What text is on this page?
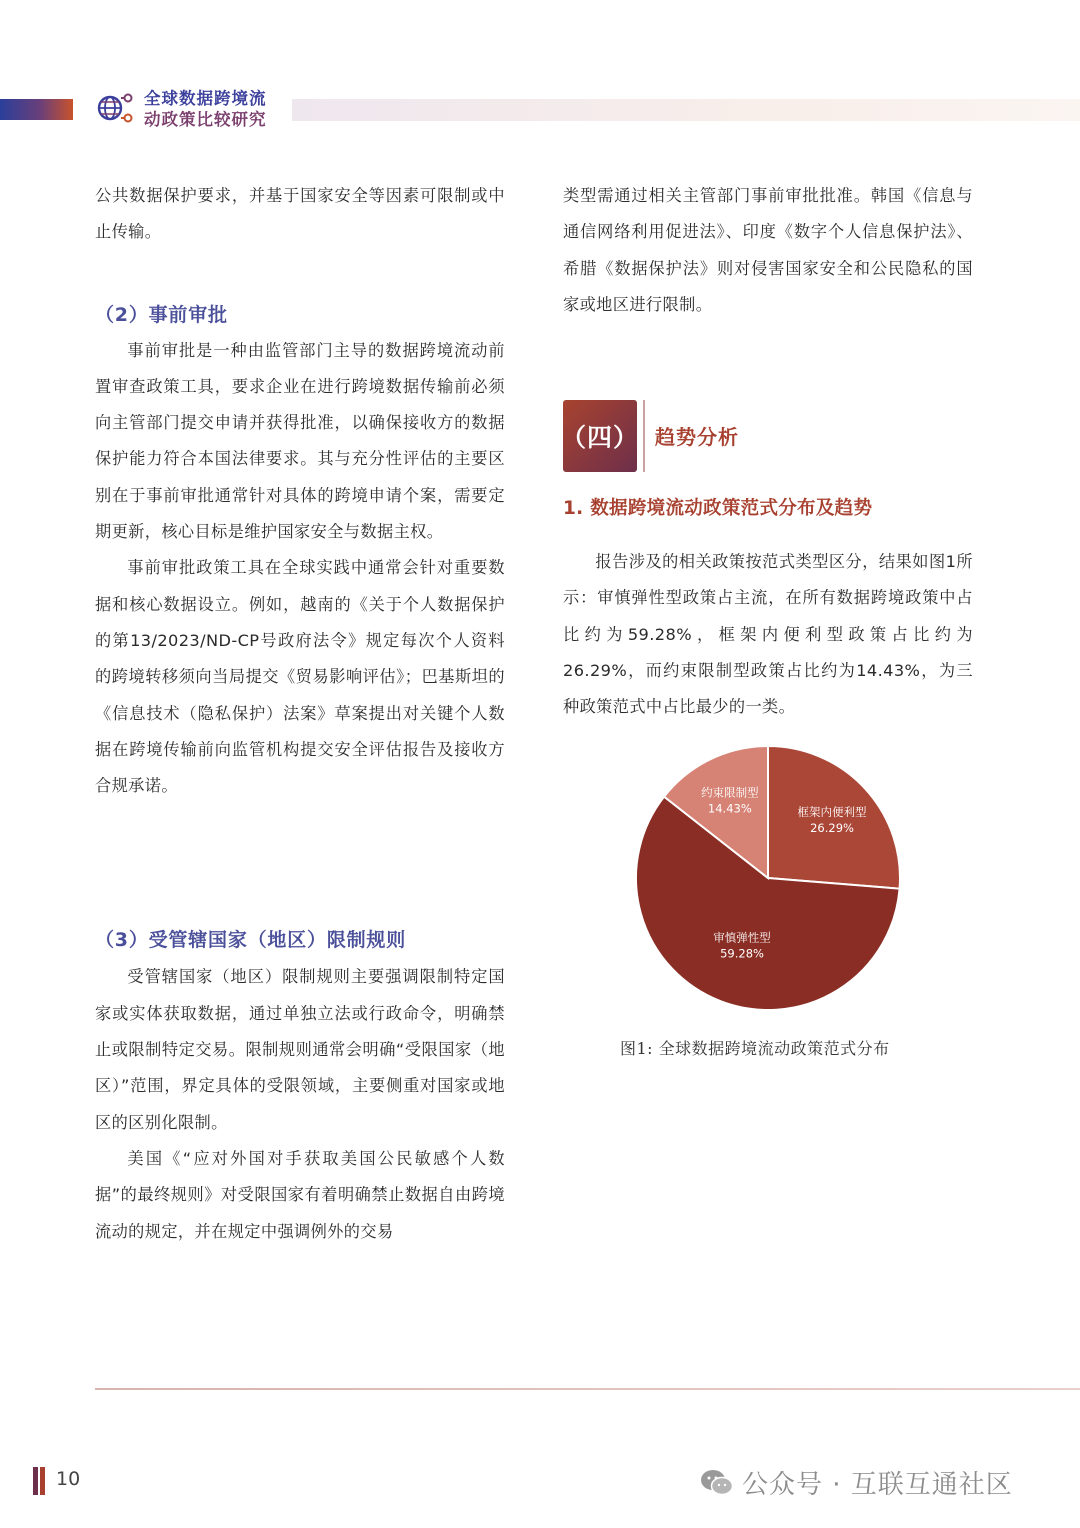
全球数据跨境流
动政策比较研究

公共数据保护要求，并基于国家安全等因素可限制或中止传输。

（2）事前审批

事前审批是一种由监管部门主导的数据跨境流动前置审查政策工具，要求企业在进行跨境数据传输前必须向主管部门提交申请并获得批准，以确保接收方的数据保护能力符合本国法律要求。其与充分性评估的主要区别在于事前审批通常针对具体的跨境申请个案，需要定期更新，核心目标是维护国家安全与数据主权。

事前审批政策工具在全球实践中通常会针对重要数据和核心数据设立。例如，越南的《关于个人数据保护的第13/2023/ND-CP号政府法令》规定每次个人资料的跨境转移须向当局提交《贸易影响评估》；巴基斯坦的《信息技术（隐私保护）法案》草案提出对关键个人数据在跨境传输前向监管机构提交安全评估报告及接收方合规承诺。

（3）受管辖国家（地区）限制规则

受管辖国家（地区）限制规则主要强调限制特定国家或实体获取数据，通过单独立法或行政命令，明确禁止或限制特定交易。限制规则通常会明确“受限国家（地区）”范围，界定具体的受限领域，主要侧重对国家或地区的区别化限制。

美国《“应对外国对手获取美国公民敏感个人数据”的最终规则》对受限国家有着明确禁止数据自由跨境流动的规定，并在规定中强调例外的交易

类型需通过相关主管部门事前审批批准。韩国《信息与通信网络利用促进法》、印度《数字个人信息保护法》、希腊《数据保护法》则对侵害国家安全和公民隐私的国家或地区进行限制。

（四） 趋势分析
1. 数据跨境流动政策范式分布及趋势

报告涉及的相关政策按范式类型区分，结果如图1所示：审慎弹性型政策占主流，在所有数据跨境政策中占比约为59.28%，框架内便利型政策占比约为26.29%，而约束限制型政策占比约为14.43%，为三种政策范式中占比最少的一类。

框架内便利型
26.29%
审慎弹性型
59.28%
约束限制型
14.43%
图1: 全球数据跨境流动政策范式分布
10	公众号 · 互联互通社区
